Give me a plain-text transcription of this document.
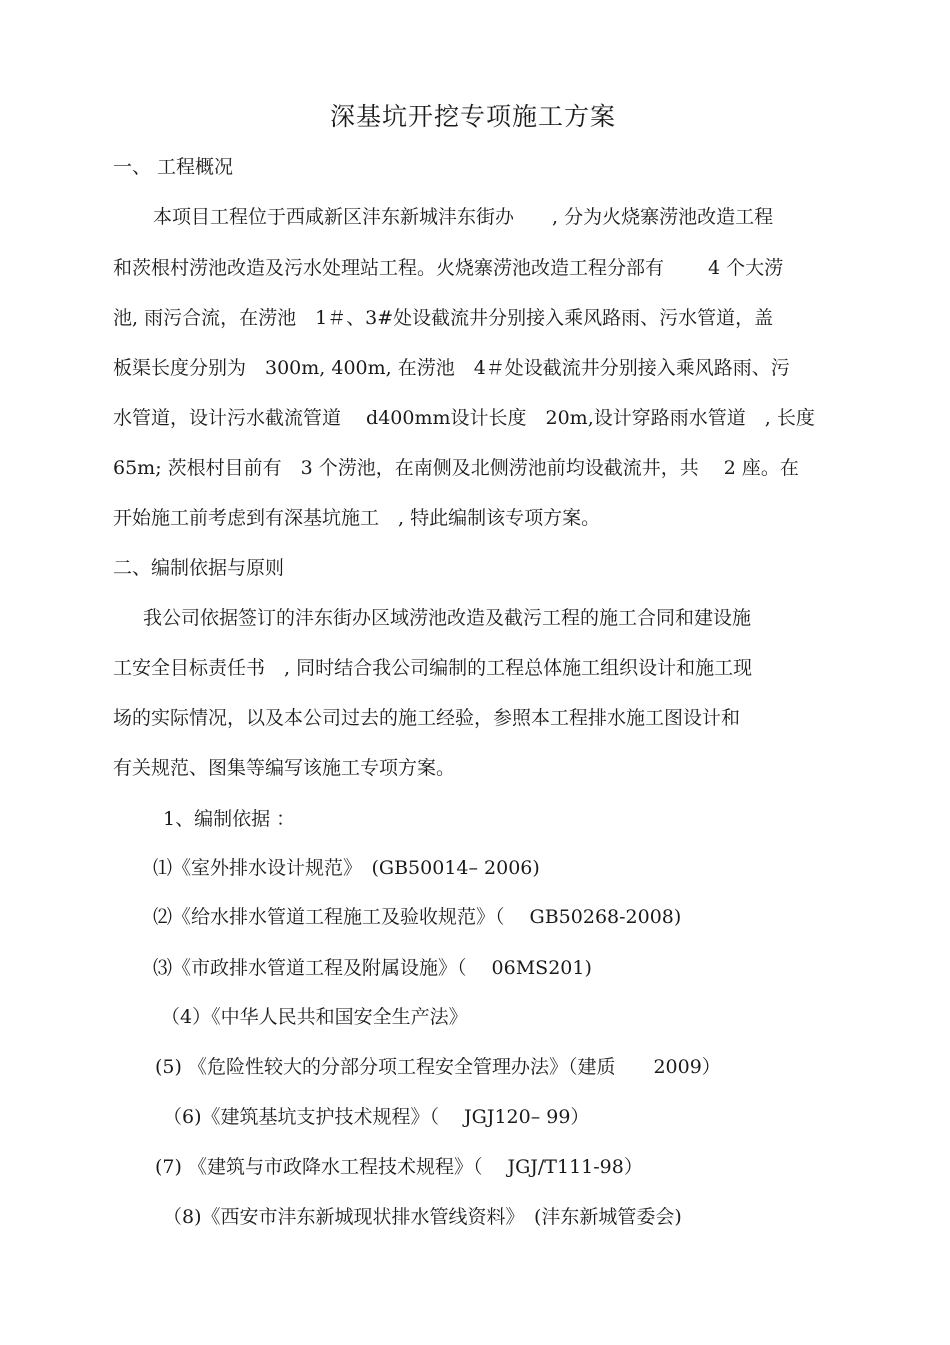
深基坑开挖专项施工方案
一、 工程概况
本项目工程位于西咸新区沣东新城沣东街办　　, 分为火烧寨涝池改造工程
和茨根村涝池改造及污水处理站工程。火烧寨涝池改造工程分部有　　 4 个大涝
池, 雨污合流，在涝池　1＃、3#处设截流井分别接入乘风路雨、污水管道，盖
板渠长度分别为　300m, 400m, 在涝池　4＃处设截流井分别接入乘风路雨、污
水管道，设计污水截流管道　 d400mm设计长度　20m,设计穿路雨水管道　, 长度
65m; 茨根村目前有　3 个涝池，在南侧及北侧涝池前均设截流井，共　 2 座。在
开始施工前考虑到有深基坑施工　, 特此编制该专项方案。
二、编制依据与原则
我公司依据签订的沣东街办区域涝池改造及截污工程的施工合同和建设施
工安全目标责任书　, 同时结合我公司编制的工程总体施工组织设计和施工现
场的实际情况，以及本公司过去的施工经验，参照本工程排水施工图设计和
有关规范、图集等编写该施工专项方案。
1、编制依据 ：
⑴《室外排水设计规范》　(GB50014– 2006)
⑵《给水排水管道工程施工及验收规范》（　 GB50268-2008)
⑶《市政排水管道工程及附属设施》（　 06MS201)
（4）《中华人民共和国安全生产法》
(5) 《危险性较大的分部分项工程安全管理办法》（建质　　2009）
（6)《建筑基坑支护技术规程》（　 JGJ120– 99）
(7) 《建筑与市政降水工程技术规程》（　 JGJ/T111-98）
（8)《西安市沣东新城现状排水管线资料》　(沣东新城管委会)
